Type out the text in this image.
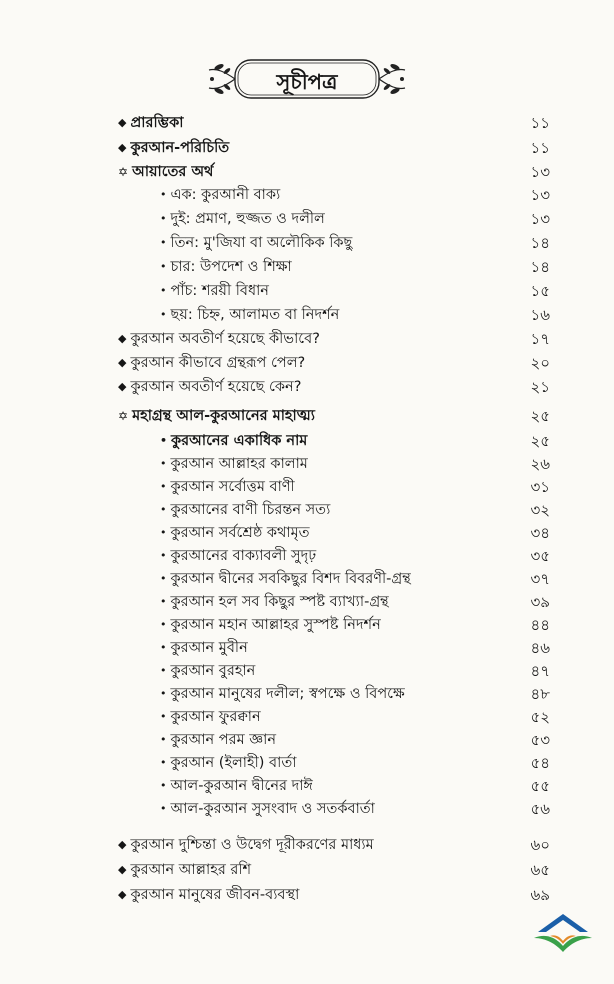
সূচীপত্র
◆ প্রারম্ভিকা	১১
◆ কুরআন-পরিচিতি	১১
✡ আয়াতের অর্থ	১৩
• এক: কুরআনী বাক্য	১৩
• দুই: প্রমাণ, হুজ্জত ও দলীল	১৩
• তিন: মু'জিযা বা অলৌকিক কিছু	১৪
• চার: উপদেশ ও শিক্ষা	১৪
• পাঁচ: শরয়ী বিধান	১৫
• ছয়: চিহ্ন, আলামত বা নিদর্শন	১৬
◆ কুরআন অবতীর্ণ হয়েছে কীভাবে?	১৭
◆ কুরআন কীভাবে গ্রন্থরূপ পেল?	২০
◆ কুরআন অবতীর্ণ হয়েছে কেন?	২১
✡ মহাগ্রন্থ আল-কুরআনের মাহাত্ম্য	২৫
• কুরআনের একাধিক নাম	২৫
• কুরআন আল্লাহর কালাম	২৬
• কুরআন সর্বোত্তম বাণী	৩১
• কুরআনের বাণী চিরন্তন সত্য	৩২
• কুরআন সর্বশ্রেষ্ঠ কথামৃত	৩৪
• কুরআনের বাক্যাবলী সুদৃঢ়	৩৫
• কুরআন দ্বীনের সবকিছুর বিশদ বিবরণী-গ্রন্থ	৩৭
• কুরআন হল সব কিছুর স্পষ্ট ব্যাখ্যা-গ্রন্থ	৩৯
• কুরআন মহান আল্লাহর সুস্পষ্ট নিদর্শন	৪৪
• কুরআন মুবীন	৪৬
• কুরআন বুরহান	৪৭
• কুরআন মানুষের দলীল; স্বপক্ষে ও বিপক্ষে	৪৮
• কুরআন ফুরক্বান	৫২
• কুরআন পরম জ্ঞান	৫৩
• কুরআন (ইলাহী) বার্তা	৫৪
• আল-কুরআন দ্বীনের দাঈ	৫৫
• আল-কুরআন সুসংবাদ ও সতর্কবার্তা	৫৬
◆ কুরআন দুশ্চিন্তা ও উদ্বেগ দূরীকরণের মাধ্যম	৬০
◆ কুরআন আল্লাহর রশি	৬৫
◆ কুরআন মানুষের জীবন-ব্যবস্থা	৬৯
